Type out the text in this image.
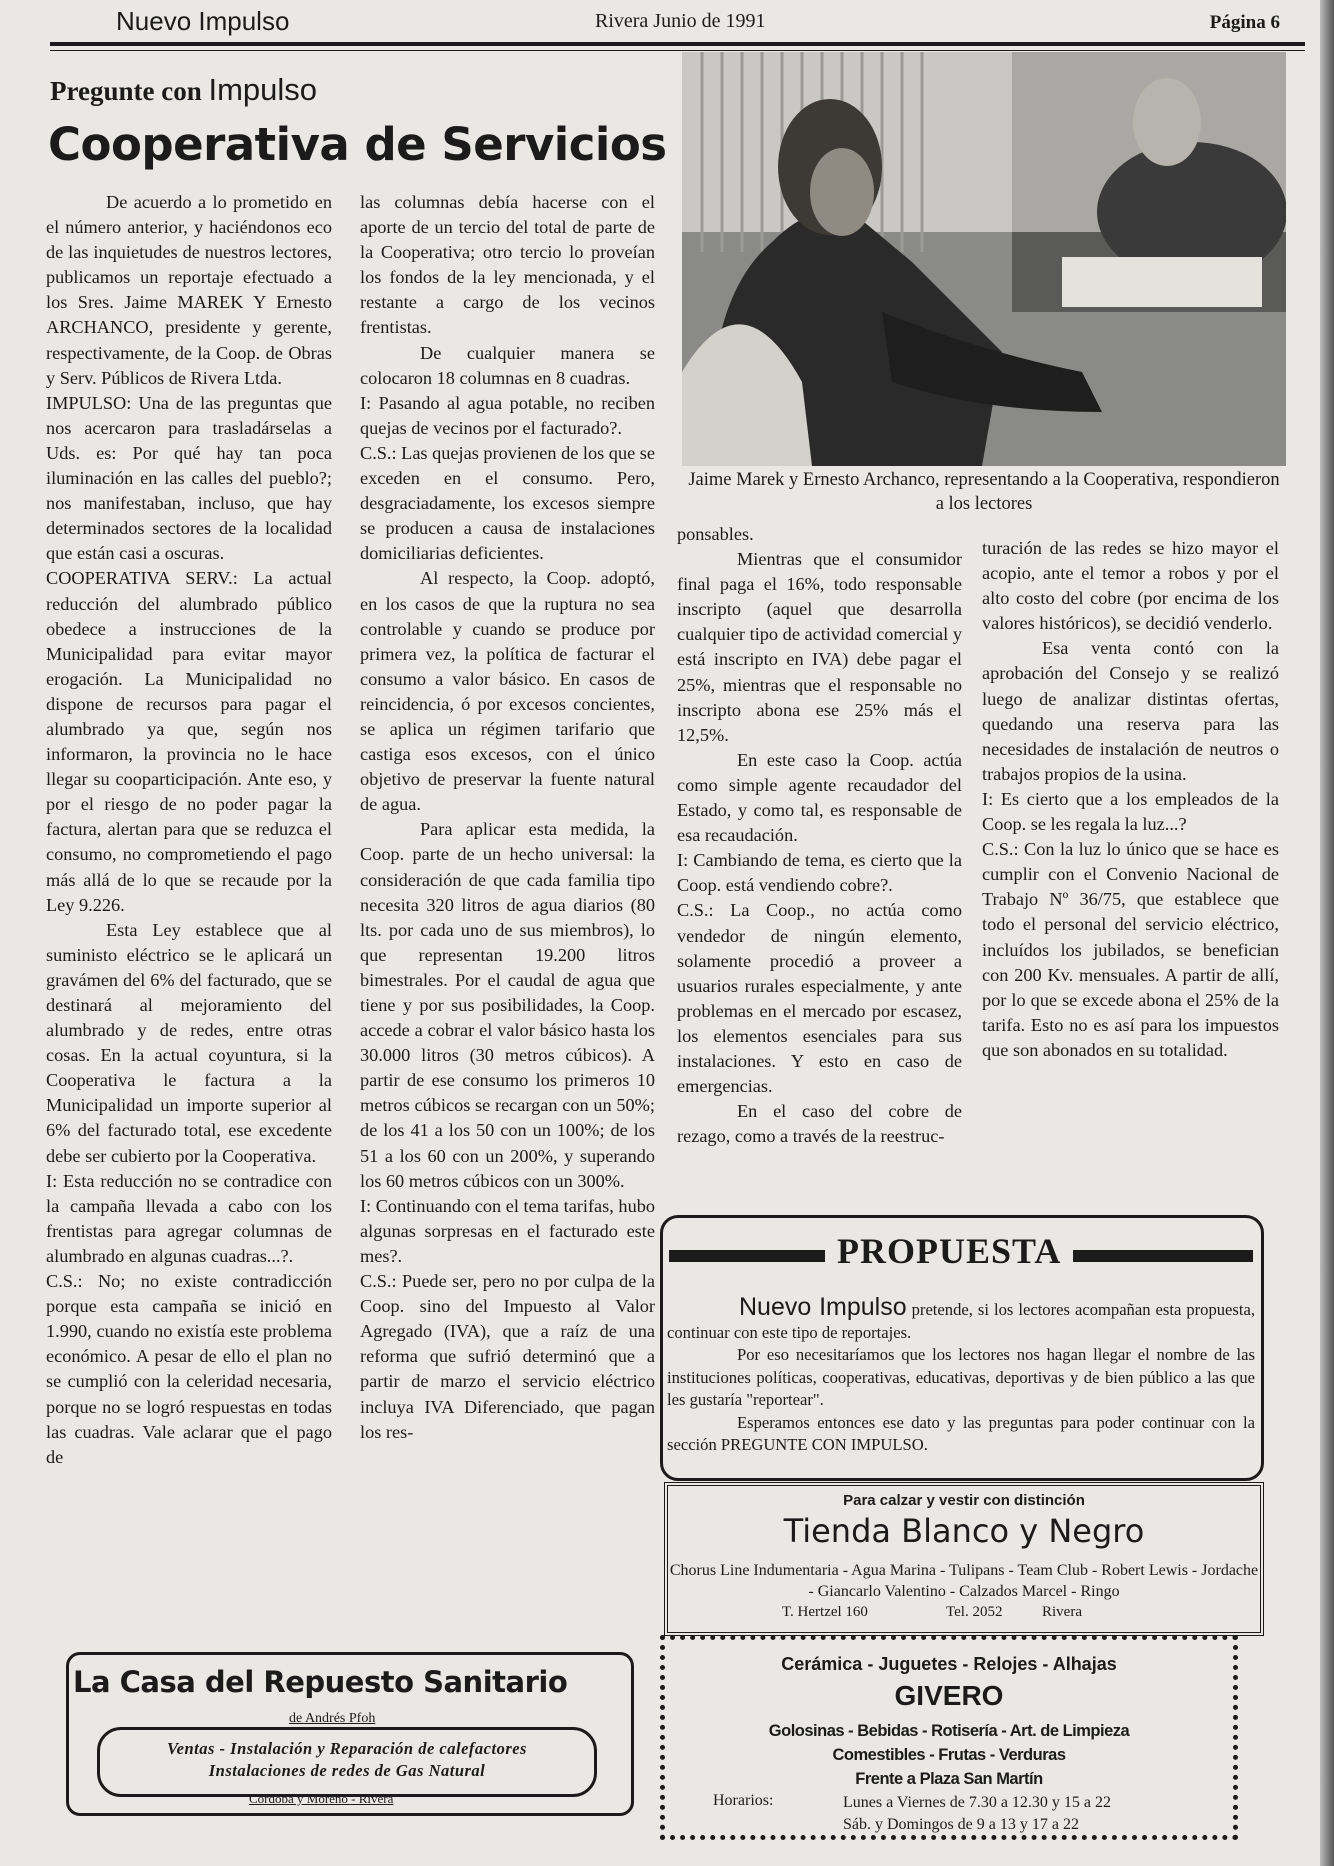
Nuevo Impulso	Rivera Junio de 1991	Página 6
Pregunte con Impulso
Cooperativa de Servicios

De acuerdo a lo prometido en el número anterior, y haciéndonos eco de las inquietudes de nuestros lectores, publicamos un reportaje efectuado a los Sres. Jaime MAREK Y Ernesto ARCHANCO, presidente y gerente, respectivamente, de la Coop. de Obras y Serv. Públicos de Rivera Ltda.

IMPULSO: Una de las preguntas que nos acercaron para trasladárselas a Uds. es: Por qué hay tan poca iluminación en las calles del pueblo?; nos manifestaban, incluso, que hay determinados sectores de la localidad que están casi a oscuras.

COOPERATIVA SERV.: La actual reducción del alumbrado público obedece a instrucciones de la Municipalidad para evitar mayor erogación. La Municipalidad no dispone de recursos para pagar el alumbrado ya que, según nos informaron, la provincia no le hace llegar su cooparticipación. Ante eso, y por el riesgo de no poder pagar la factura, alertan para que se reduzca el consumo, no comprometiendo el pago más allá de lo que se recaude por la Ley 9.226.

Esta Ley establece que al suministo eléctrico se le aplicará un gravámen del 6% del facturado, que se destinará al mejoramiento del alumbrado y de redes, entre otras cosas. En la actual coyuntura, si la Cooperativa le factura a la Municipalidad un importe superior al 6% del facturado total, ese excedente debe ser cubierto por la Cooperativa.

I: Esta reducción no se contradice con la campaña llevada a cabo con los frentistas para agregar columnas de alumbrado en algunas cuadras...?.

C.S.: No; no existe contradicción porque esta campaña se inició en 1.990, cuando no existía este problema económico. A pesar de ello el plan no se cumplió con la celeridad necesaria, porque no se logró respuestas en todas las cuadras. Vale aclarar que el pago de

las columnas debía hacerse con el aporte de un tercio del total de parte de la Cooperativa; otro tercio lo proveían los fondos de la ley mencionada, y el restante a cargo de los vecinos frentistas.

De cualquier manera se colocaron 18 columnas en 8 cuadras.

I: Pasando al agua potable, no reciben quejas de vecinos por el facturado?.

C.S.: Las quejas provienen de los que se exceden en el consumo. Pero, desgraciadamente, los excesos siempre se producen a causa de instalaciones domiciliarias deficientes.

Al respecto, la Coop. adoptó, en los casos de que la ruptura no sea controlable y cuando se produce por primera vez, la política de facturar el consumo a valor básico. En casos de reincidencia, ó por excesos concientes, se aplica un régimen tarifario que castiga esos excesos, con el único objetivo de preservar la fuente natural de agua.

Para aplicar esta medida, la Coop. parte de un hecho universal: la consideración de que cada familia tipo necesita 320 litros de agua diarios (80 lts. por cada uno de sus miembros), lo que representan 19.200 litros bimestrales. Por el caudal de agua que tiene y por sus posibilidades, la Coop. accede a cobrar el valor básico hasta los 30.000 litros (30 metros cúbicos). A partir de ese consumo los primeros 10 metros cúbicos se recargan con un 50%; de los 41 a los 50 con un 100%; de los 51 a los 60 con un 200%, y superando los 60 metros cúbicos con un 300%.

I: Continuando con el tema tarifas, hubo algunas sorpresas en el facturado este mes?.

C.S.: Puede ser, pero no por culpa de la Coop. sino del Impuesto al Valor Agregado (IVA), que a raíz de una reforma que sufrió determinó que a partir de marzo el servicio eléctrico incluya IVA Diferenciado, que pagan los res-

Jaime Marek y Ernesto Archanco, representando a la Cooperativa, respondieron a los lectores

ponsables.

Mientras que el consumidor final paga el 16%, todo responsable inscripto (aquel que desarrolla cualquier tipo de actividad comercial y está inscripto en IVA) debe pagar el 25%, mientras que el responsable no inscripto abona ese 25% más el 12,5%.

En este caso la Coop. actúa como simple agente recaudador del Estado, y como tal, es responsable de esa recaudación.

I: Cambiando de tema, es cierto que la Coop. está vendiendo cobre?.

C.S.: La Coop., no actúa como vendedor de ningún elemento, solamente procedió a proveer a usuarios rurales especialmente, y ante problemas en el mercado por escasez, los elementos esenciales para sus instalaciones. Y esto en caso de emergencias.

En el caso del cobre de rezago, como a través de la reestruc-

turación de las redes se hizo mayor el acopio, ante el temor a robos y por el alto costo del cobre (por encima de los valores históricos), se decidió venderlo.

Esa venta contó con la aprobación del Consejo y se realizó luego de analizar distintas ofertas, quedando una reserva para las necesidades de instalación de neutros o trabajos propios de la usina.

I: Es cierto que a los empleados de la Coop. se les regala la luz...?

C.S.: Con la luz lo único que se hace es cumplir con el Convenio Nacional de Trabajo Nº 36/75, que establece que todo el personal del servicio eléctrico, incluídos los jubilados, se benefician con 200 Kv. mensuales. A partir de allí, por lo que se excede abona el 25% de la tarifa. Esto no es así para los impuestos que son abonados en su totalidad.

PROPUESTA

Nuevo Impulso pretende, si los lectores acompañan esta propuesta, continuar con este tipo de reportajes.

Por eso necesitaríamos que los lectores nos hagan llegar el nombre de las instituciones políticas, cooperativas, educativas, deportivas y de bien público a las que les gustaría "reportear".

Esperamos entonces ese dato y las preguntas para poder continuar con la sección PREGUNTE CON IMPULSO.

Para calzar y vestir con distinción
Tienda Blanco y Negro
Chorus Line Indumentaria - Agua Marina - Tulipans - Team Club - Robert Lewis - Jordache - Giancarlo Valentino - Calzados Marcel - Ringo
T. Hertzel 160	Tel. 2052	Rivera
Cerámica - Juguetes - Relojes - Alhajas
GIVERO
Golosinas - Bebidas - Rotisería - Art. de Limpieza
Comestibles - Frutas - Verduras
Frente a Plaza San Martín
Horarios:	Lunes a Viernes de 7.30 a 12.30 y 15 a 22
Sáb. y Domingos de 9 a 13 y 17 a 22
La Casa del Repuesto Sanitario
de Andrés Pfoh
Ventas - Instalación y Reparación de calefactores
Instalaciones de redes de Gas Natural
Córdoba y Moreno - Rivera
